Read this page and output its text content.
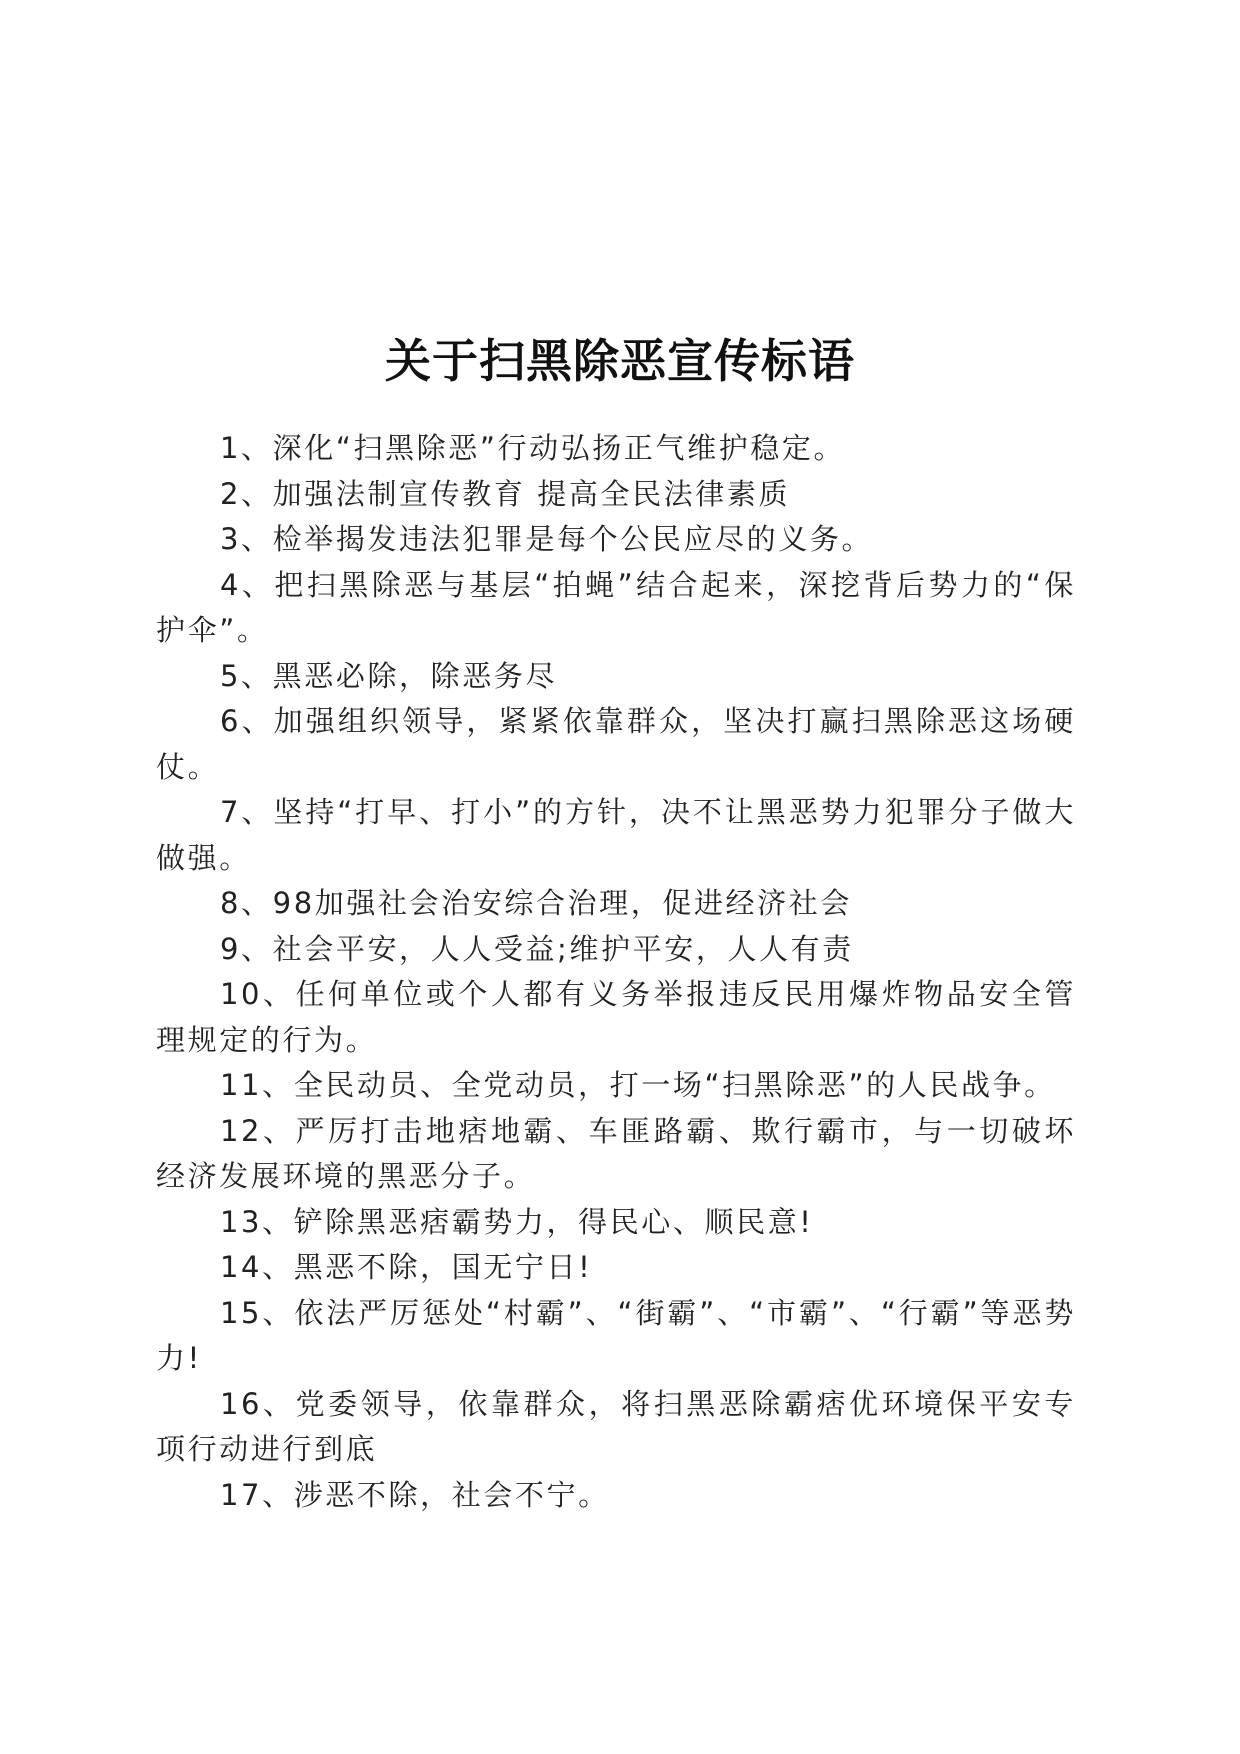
关于扫黑除恶宣传标语

1、深化“扫黑除恶”行动弘扬正气维护稳定。

2、加强法制宣传教育 提高全民法律素质

3、检举揭发违法犯罪是每个公民应尽的义务。

4、把扫黑除恶与基层“拍蝇”结合起来，深挖背后势力的“保护伞”。

5、黑恶必除，除恶务尽

6、加强组织领导，紧紧依靠群众，坚决打赢扫黑除恶这场硬仗。

7、坚持“打早、打小”的方针，决不让黑恶势力犯罪分子做大做强。

8、98加强社会治安综合治理，促进经济社会

9、社会平安，人人受益;维护平安，人人有责

10、任何单位或个人都有义务举报违反民用爆炸物品安全管理规定的行为。

11、全民动员、全党动员，打一场“扫黑除恶”的人民战争。

12、严厉打击地痞地霸、车匪路霸、欺行霸市，与一切破坏经济发展环境的黑恶分子。

13、铲除黑恶痞霸势力，得民心、顺民意!

14、黑恶不除，国无宁日!

15、依法严厉惩处“村霸”、“街霸”、“市霸”、“行霸”等恶势力!

16、党委领导，依靠群众，将扫黑恶除霸痞优环境保平安专项行动进行到底

17、涉恶不除，社会不宁。
